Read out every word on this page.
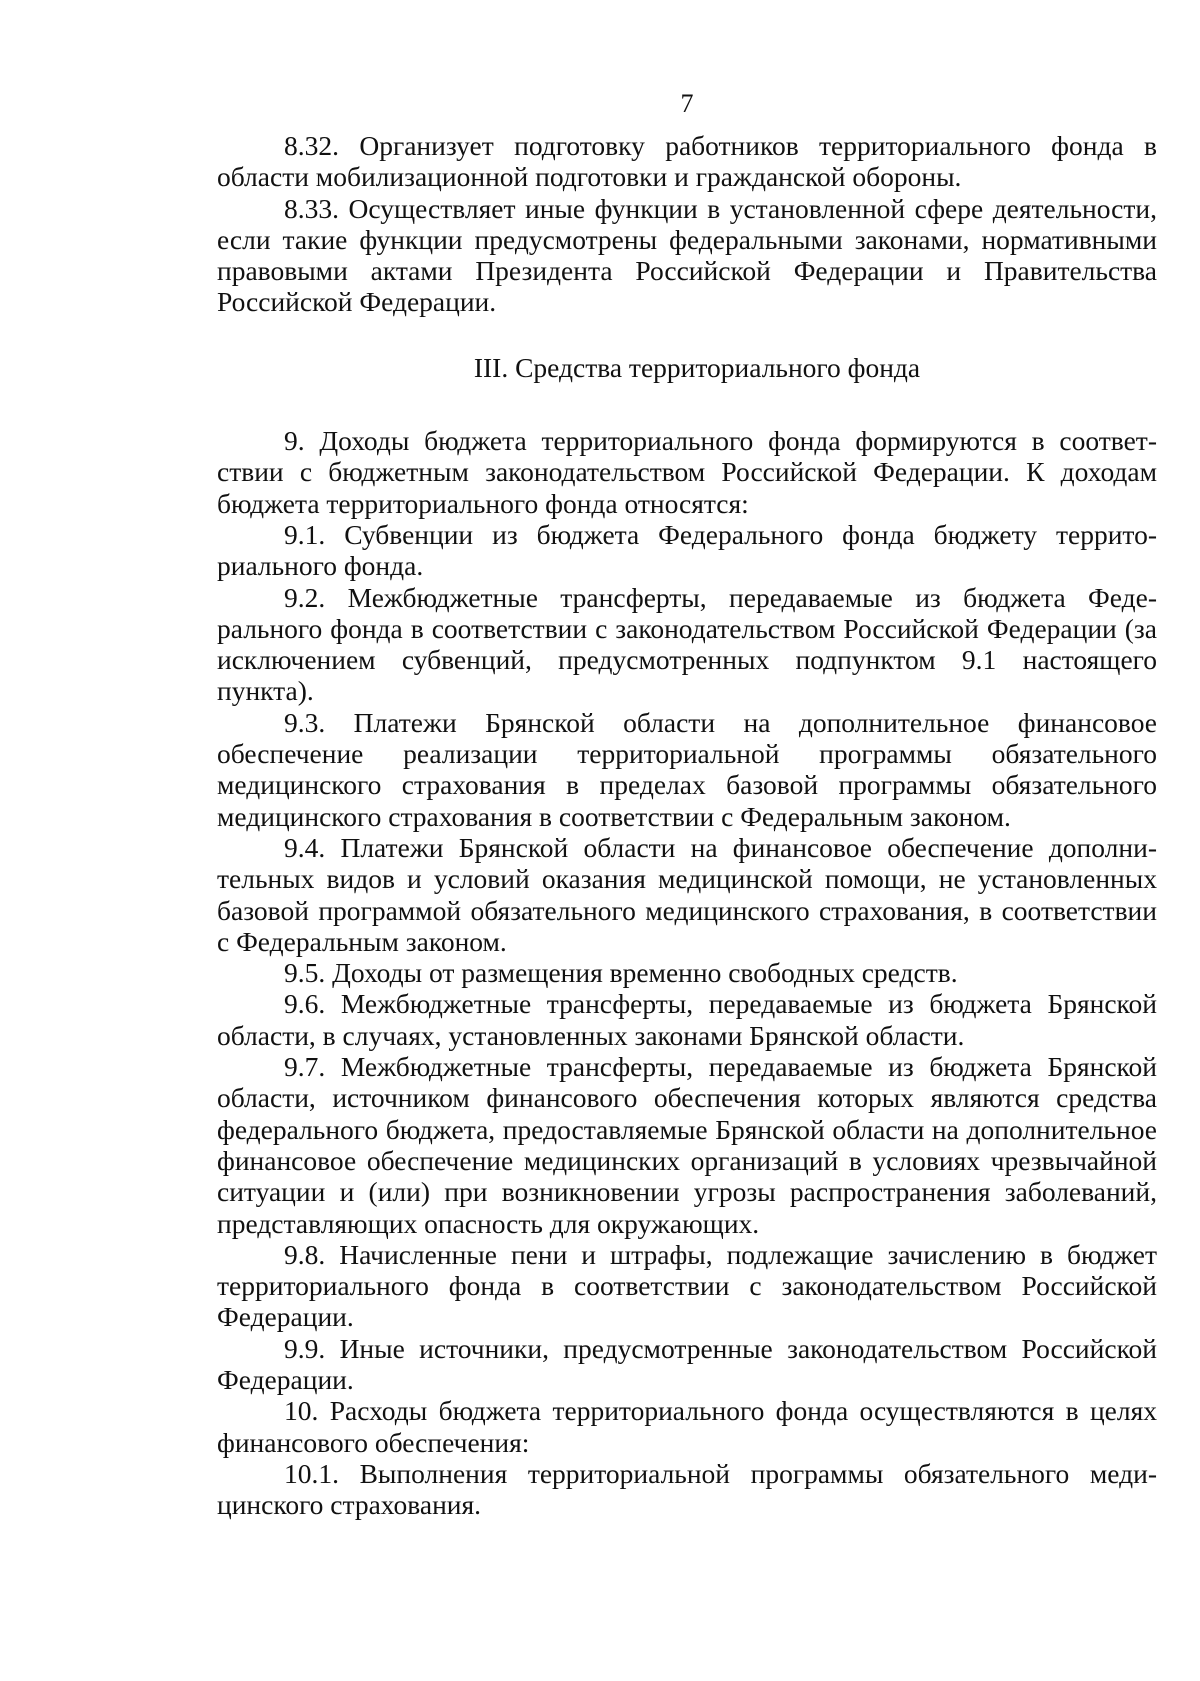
7

8.32. Организует подготовку работников территориального фонда в области мобилизационной подготовки и гражданской обороны.

8.33. Осуществляет иные функции в установленной сфере деятельности, если такие функции предусмотрены федеральными законами, нормативными правовыми актами Президента Российской Федерации и Правительства Российской Федерации.

III. Средства территориального фонда

9. Доходы бюджета территориального фонда формируются в соответствии с бюджетным законодательством Российской Федерации. К доходам бюджета территориального фонда относятся:

9.1. Субвенции из бюджета Федерального фонда бюджету территориального фонда.

9.2. Межбюджетные трансферты, передаваемые из бюджета Федерального фонда в соответствии с законодательством Российской Федерации (за исключением субвенций, предусмотренных подпунктом 9.1 настоящего пункта).

9.3. Платежи Брянской области на дополнительное финансовое обеспечение реализации территориальной программы обязательного медицинского страхования в пределах базовой программы обязательного медицинского страхования в соответствии с Федеральным законом.

9.4. Платежи Брянской области на финансовое обеспечение дополнительных видов и условий оказания медицинской помощи, не установленных базовой программой обязательного медицинского страхования, в соответствии с Федеральным законом.

9.5. Доходы от размещения временно свободных средств.

9.6. Межбюджетные трансферты, передаваемые из бюджета Брянской области, в случаях, установленных законами Брянской области.

9.7. Межбюджетные трансферты, передаваемые из бюджета Брянской области, источником финансового обеспечения которых являются средства федерального бюджета, предоставляемые Брянской области на дополнительное финансовое обеспечение медицинских организаций в условиях чрезвычайной ситуации и (или) при возникновении угрозы распространения заболеваний, представляющих опасность для окружающих.

9.8. Начисленные пени и штрафы, подлежащие зачислению в бюджет территориального фонда в соответствии с законодательством Российской Федерации.

9.9. Иные источники, предусмотренные законодательством Российской Федерации.

10. Расходы бюджета территориального фонда осуществляются в целях финансового обеспечения:

10.1. Выполнения территориальной программы обязательного медицинского страхования.
